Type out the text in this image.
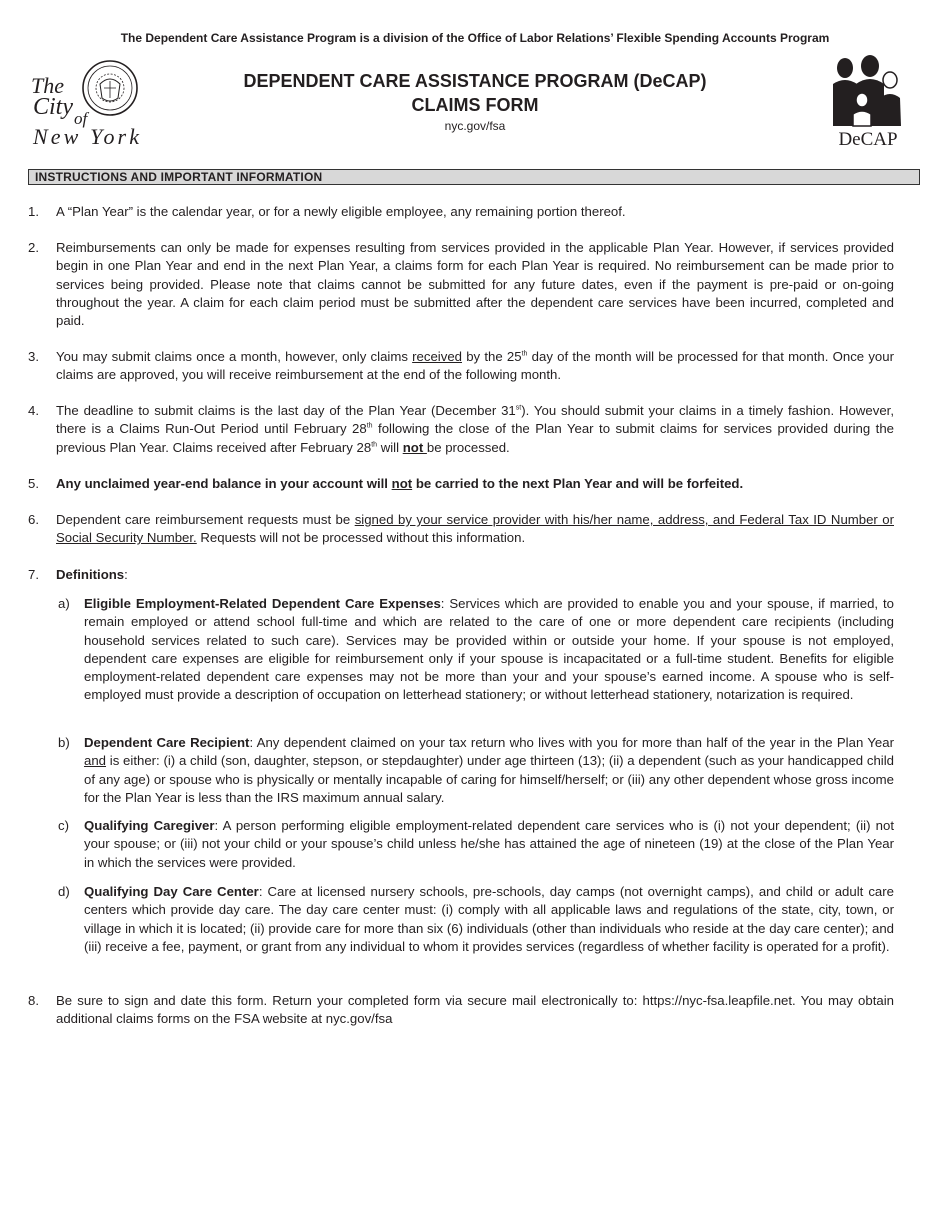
The Dependent Care Assistance Program is a division of the Office of Labor Relations’ Flexible Spending Accounts Program
The
City of
New York
DEPENDENT CARE ASSISTANCE PROGRAM (DeCAP)
CLAIMS FORM
nyc.gov/fsa
DeCAP
INSTRUCTIONS AND IMPORTANT INFORMATION
1. A “Plan Year” is the calendar year, or for a newly eligible employee, any remaining portion thereof.
2. Reimbursements can only be made for expenses resulting from services provided in the applicable Plan Year. However, if services provided begin in one Plan Year and end in the next Plan Year, a claims form for each Plan Year is required. No reimbursement can be made prior to services being provided. Please note that claims cannot be submitted for any future dates, even if the payment is pre-paid or on-going throughout the year. A claim for each claim period must be submitted after the dependent care services have been incurred, completed and paid.
3. You may submit claims once a month, however, only claims received by the 25th day of the month will be processed for that month. Once your claims are approved, you will receive reimbursement at the end of the following month.
4. The deadline to submit claims is the last day of the Plan Year (December 31st). You should submit your claims in a timely fashion. However, there is a Claims Run-Out Period until February 28th following the close of the Plan Year to submit claims for services provided during the previous Plan Year. Claims received after February 28th will not be processed.
5. Any unclaimed year-end balance in your account will not be carried to the next Plan Year and will be forfeited.
6. Dependent care reimbursement requests must be signed by your service provider with his/her name, address, and Federal Tax ID Number or Social Security Number. Requests will not be processed without this information.
7. Definitions:
a) Eligible Employment-Related Dependent Care Expenses: Services which are provided to enable you and your spouse, if married, to remain employed or attend school full-time and which are related to the care of one or more dependent care recipients (including household services related to such care). Services may be provided within or outside your home. If your spouse is not employed, dependent care expenses are eligible for reimbursement only if your spouse is incapacitated or a full-time student. Benefits for eligible employment-related dependent care expenses may not be more than your and your spouse’s earned income. A spouse who is self-employed must provide a description of occupation on letterhead stationery; or without letterhead stationery, notarization is required.
b) Dependent Care Recipient: Any dependent claimed on your tax return who lives with you for more than half of the year in the Plan Year and is either: (i) a child (son, daughter, stepson, or stepdaughter) under age thirteen (13); (ii) a dependent (such as your handicapped child of any age) or spouse who is physically or mentally incapable of caring for himself/herself; or (iii) any other dependent whose gross income for the Plan Year is less than the IRS maximum annual salary.
c) Qualifying Caregiver: A person performing eligible employment-related dependent care services who is (i) not your dependent; (ii) not your spouse; or (iii) not your child or your spouse’s child unless he/she has attained the age of nineteen (19) at the close of the Plan Year in which the services were provided.
d) Qualifying Day Care Center: Care at licensed nursery schools, pre-schools, day camps (not overnight camps), and child or adult care centers which provide day care. The day care center must: (i) comply with all applicable laws and regulations of the state, city, town, or village in which it is located; (ii) provide care for more than six (6) individuals (other than individuals who reside at the day care center); and (iii) receive a fee, payment, or grant from any individual to whom it provides services (regardless of whether facility is operated for a profit).
8. Be sure to sign and date this form. Return your completed form via secure mail electronically to: https://nyc-fsa.leapfile.net. You may obtain additional claims forms on the FSA website at nyc.gov/fsa
